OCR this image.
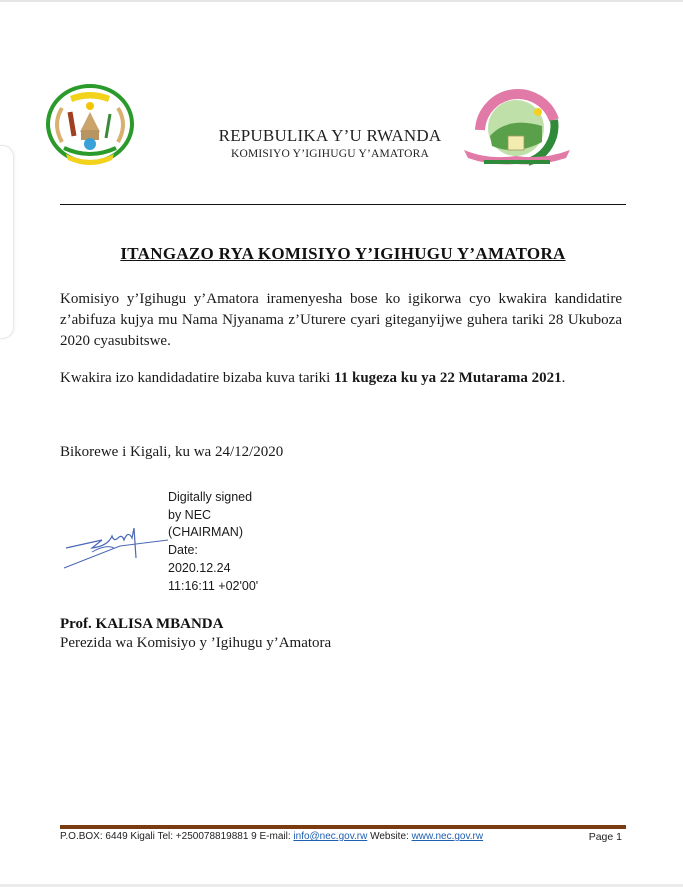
REPUBULIKA Y’U RWANDA
KOMISIYO Y’IGIHUGU Y’AMATORA
ITANGAZO RYA KOMISIYO Y’IGIHUGU Y’AMATORA
Komisiyo y’Igihugu y’Amatora iramenyesha bose ko igikorwa cyo kwakira kandidatire z’abifuza kujya mu Nama Njyanama z’Uturere cyari giteganyijwe guhera tariki 28 Ukuboza 2020 cyasubitswe.
Kwakira izo kandidadatire bizaba kuva tariki 11 kugeza ku ya 22 Mutarama 2021.
Bikorewe i Kigali, ku wa 24/12/2020
Digitally signed
by NEC
(CHAIRMAN)
Date:
2020.12.24
11:16:11 +02'00'
Prof. KALISA MBANDA
Perezida wa Komisiyo y ’Igihugu y’Amatora
P.O.BOX: 6449 Kigali Tel: +250078819881 9 E-mail: info@nec.gov.rw Website: www.nec.gov.rw	Page 1
